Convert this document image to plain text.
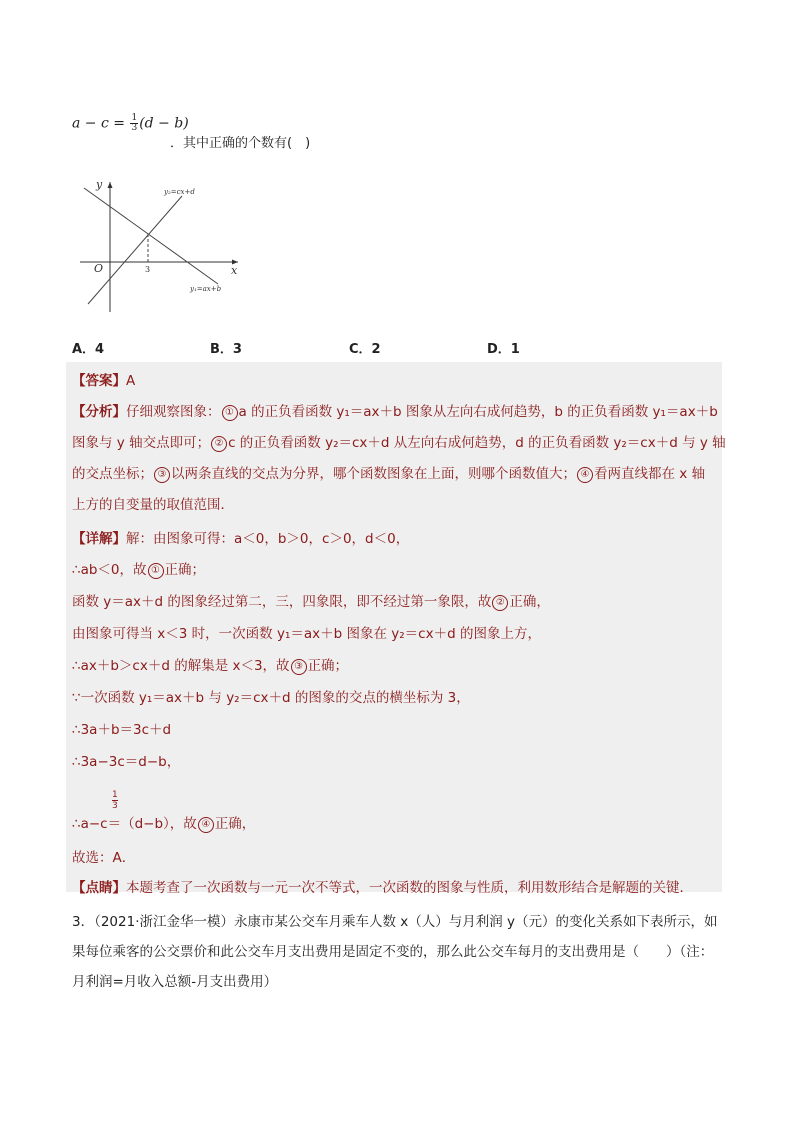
$a - c = \frac{1}{3} (d - b)$
．其中正确的个数有(　)
y
x
O	3
y₂=cx+d
y₁=ax+b
A．4	B．3	C．2	D．1
【答案】A
【分析】仔细观察图象： ① a 的正负看函数 y₁＝ax＋b 图象从左向右成何趋势，b 的正负看函数 y₁＝ax＋b
图象与 y 轴交点即可； ② c 的正负看函数 y₂＝cx＋d 从左向右成何趋势，d 的正负看函数 y₂＝cx＋d 与 y 轴
的交点坐标； ③ 以两条直线的交点为分界，哪个函数图象在上面，则哪个函数值大； ④ 看两直线都在 x 轴
上方的自变量的取值范围．
【详解】解：由图象可得：a＜0，b＞0，c＞0，d＜0，
∴ab＜0，故 ① 正确；
函数 y＝ax＋d 的图象经过第二，三，四象限，即不经过第一象限，故 ② 正确，
由图象可得当 x＜3 时，一次函数 y₁＝ax＋b 图象在 y₂＝cx＋d 的图象上方，
∴ax＋b＞cx＋d 的解集是 x＜3，故 ③ 正确；
∵一次函数 y₁＝ax＋b 与 y₂＝cx＋d 的图象的交点的横坐标为 3，
∴3a＋b＝3c＋d
∴3a−3c＝d−b，
$\frac{1}{3}$
∴a−c＝（d−b），故 ④ 正确，
故选：A．
【点睛】本题考查了一次函数与一元一次不等式，一次函数的图象与性质，利用数形结合是解题的关键．
3．（2021·浙江金华一模）永康市某公交车月乘车人数 x（人）与月利润 y（元）的变化关系如下表所示，如
果每位乘客的公交票价和此公交车月支出费用是固定不变的，那么此公交车每月的支出费用是（　　）（注：
月利润=月收入总额-月支出费用）
